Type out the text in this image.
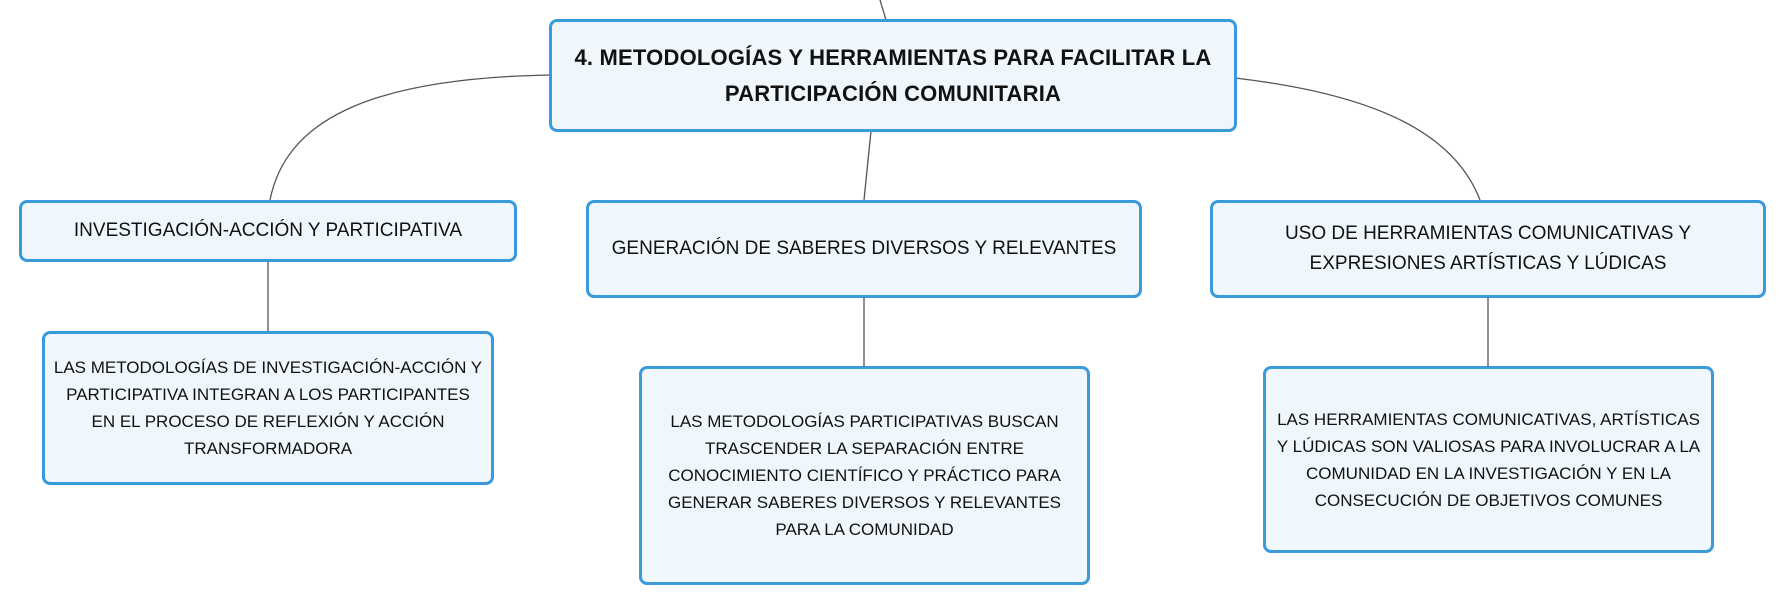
4. METODOLOGÍAS Y HERRAMIENTAS PARA FACILITAR LA PARTICIPACIÓN COMUNITARIA
INVESTIGACIÓN-ACCIÓN Y PARTICIPATIVA
GENERACIÓN DE SABERES DIVERSOS Y RELEVANTES
USO DE HERRAMIENTAS COMUNICATIVAS Y EXPRESIONES ARTÍSTICAS Y LÚDICAS
LAS METODOLOGÍAS DE INVESTIGACIÓN-ACCIÓN Y PARTICIPATIVA INTEGRAN A LOS PARTICIPANTES EN EL PROCESO DE REFLEXIÓN Y ACCIÓN TRANSFORMADORA
LAS METODOLOGÍAS PARTICIPATIVAS BUSCAN TRASCENDER LA SEPARACIÓN ENTRE CONOCIMIENTO CIENTÍFICO Y PRÁCTICO PARA GENERAR SABERES DIVERSOS Y RELEVANTES PARA LA COMUNIDAD
LAS HERRAMIENTAS COMUNICATIVAS, ARTÍSTICAS Y LÚDICAS SON VALIOSAS PARA INVOLUCRAR A LA COMUNIDAD EN LA INVESTIGACIÓN Y EN LA CONSECUCIÓN DE OBJETIVOS COMUNES
